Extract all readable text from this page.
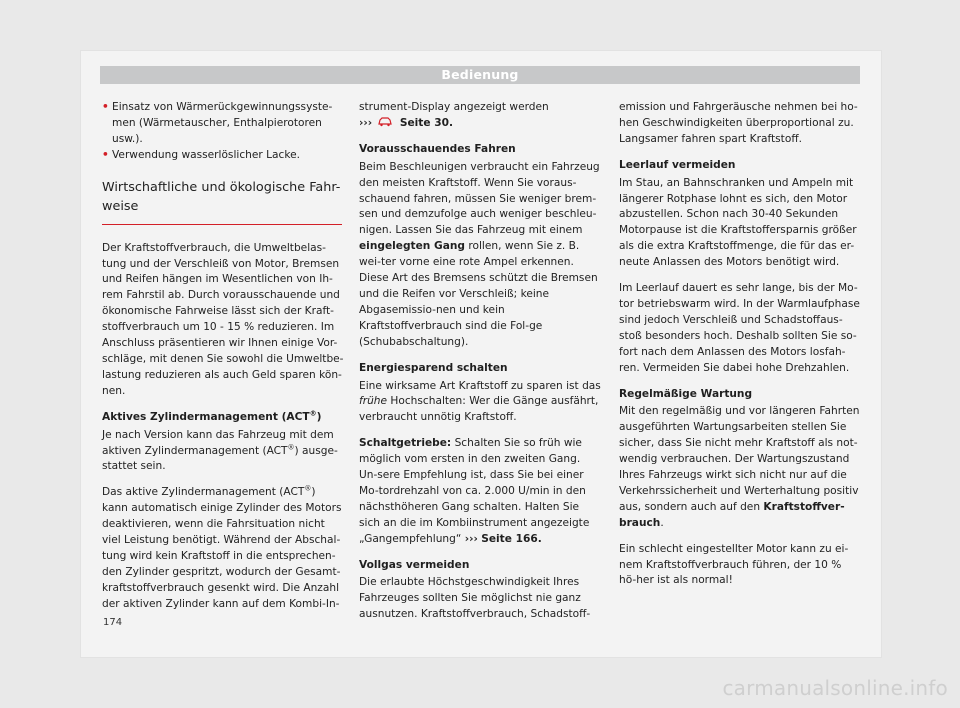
Bedienung

• Einsatz von Wärmerückgewinnungssyste-men (Wärmetauscher, Enthalpierotoren usw.).

• Verwendung wasserlöslicher Lacke.

Wirtschaftliche und ökologische Fahr-weise

Der Kraftstoffverbrauch, die Umweltbelas-tung und der Verschleiß von Motor, Bremsen und Reifen hängen im Wesentlichen von Ih-rem Fahrstil ab. Durch vorausschauende und ökonomische Fahrweise lässt sich der Kraft-stoffverbrauch um 10 - 15 % reduzieren. Im Anschluss präsentieren wir Ihnen einige Vor-schläge, mit denen Sie sowohl die Umweltbe-lastung reduzieren als auch Geld sparen kön-nen.

Aktives Zylindermanagement (ACT®)

Je nach Version kann das Fahrzeug mit dem aktiven Zylindermanagement (ACT®) ausge-stattet sein.

Das aktive Zylindermanagement (ACT®) kann automatisch einige Zylinder des Motors deaktivieren, wenn die Fahrsituation nicht viel Leistung benötigt. Während der Abschal-tung wird kein Kraftstoff in die entsprechen-den Zylinder gespritzt, wodurch der Gesamt-kraftstoffverbrauch gesenkt wird. Die Anzahl der aktiven Zylinder kann auf dem Kombi-In-

strument-Display angezeigt werden
›››	Seite 30.

Vorausschauendes Fahren

Beim Beschleunigen verbraucht ein Fahrzeug den meisten Kraftstoff. Wenn Sie voraus-schauend fahren, müssen Sie weniger brem-sen und demzufolge auch weniger beschleu-nigen. Lassen Sie das Fahrzeug mit einem eingelegten Gang rollen, wenn Sie z. B. wei-ter vorne eine rote Ampel erkennen. Diese Art des Bremsens schützt die Bremsen und die Reifen vor Verschleiß; keine Abgasemissio-nen und kein Kraftstoffverbrauch sind die Fol-ge (Schubabschaltung).

Energiesparend schalten

Eine wirksame Art Kraftstoff zu sparen ist das frühe Hochschalten: Wer die Gänge ausfährt, verbraucht unnötig Kraftstoff.

Schaltgetriebe: Schalten Sie so früh wie möglich vom ersten in den zweiten Gang. Un-sere Empfehlung ist, dass Sie bei einer Mo-tordrehzahl von ca. 2.000 U/min in den nächsthöheren Gang schalten. Halten Sie sich an die im Kombiinstrument angezeigte „Gangempfehlung“ ››› Seite 166.

Vollgas vermeiden

Die erlaubte Höchstgeschwindigkeit Ihres Fahrzeuges sollten Sie möglichst nie ganz ausnutzen. Kraftstoffverbrauch, Schadstoff-

emission und Fahrgeräusche nehmen bei ho-hen Geschwindigkeiten überproportional zu. Langsamer fahren spart Kraftstoff.

Leerlauf vermeiden

Im Stau, an Bahnschranken und Ampeln mit längerer Rotphase lohnt es sich, den Motor abzustellen. Schon nach 30-40 Sekunden Motorpause ist die Kraftstoffersparnis größer als die extra Kraftstoffmenge, die für das er-neute Anlassen des Motors benötigt wird.

Im Leerlauf dauert es sehr lange, bis der Mo-tor betriebswarm wird. In der Warmlaufphase sind jedoch Verschleiß und Schadstoffaus-stoß besonders hoch. Deshalb sollten Sie so-fort nach dem Anlassen des Motors losfah-ren. Vermeiden Sie dabei hohe Drehzahlen.

Regelmäßige Wartung

Mit den regelmäßig und vor längeren Fahrten ausgeführten Wartungsarbeiten stellen Sie sicher, dass Sie nicht mehr Kraftstoff als not-wendig verbrauchen. Der Wartungszustand Ihres Fahrzeugs wirkt sich nicht nur auf die Verkehrssicherheit und Werterhaltung positiv aus, sondern auch auf den Kraftstoffver-brauch.

Ein schlecht eingestellter Motor kann zu ei-nem Kraftstoffverbrauch führen, der 10 % hö-her ist als normal!

174
carmanualsonline.info
